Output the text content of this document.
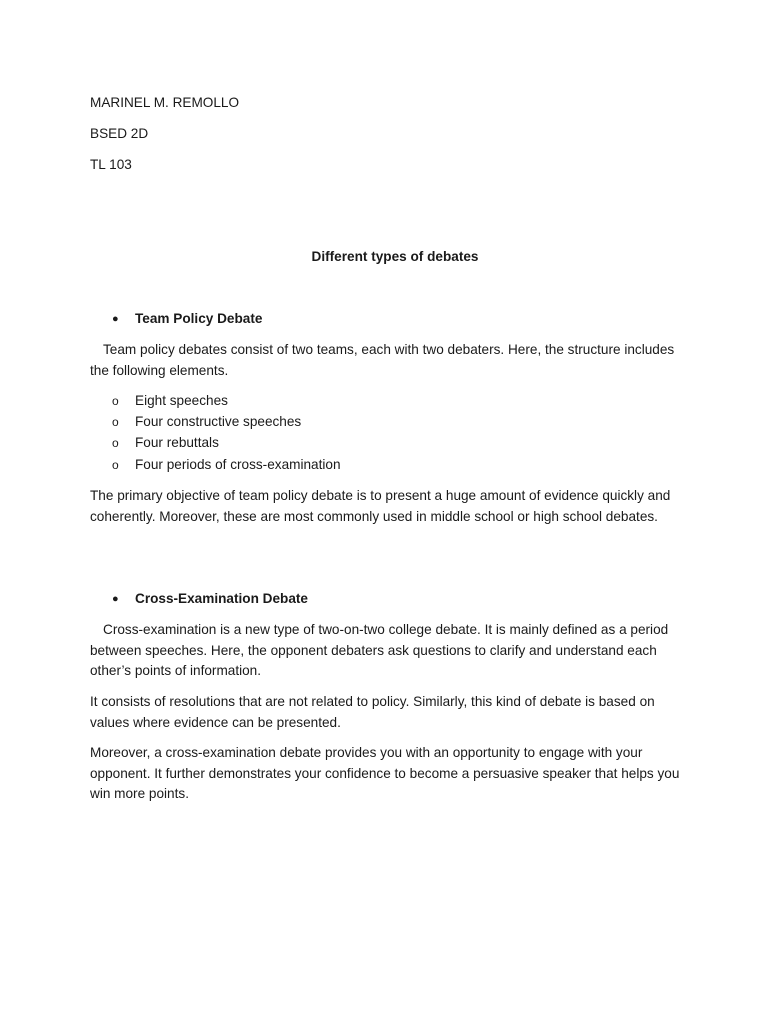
MARINEL M. REMOLLO
BSED 2D
TL 103
Different types of debates
● Team Policy Debate
Team policy debates consist of two teams, each with two debaters. Here, the structure includes the following elements.
o Eight speeches
o Four constructive speeches
o Four rebuttals
o Four periods of cross-examination
The primary objective of team policy debate is to present a huge amount of evidence quickly and coherently. Moreover, these are most commonly used in middle school or high school debates.
● Cross-Examination Debate
Cross-examination is a new type of two-on-two college debate. It is mainly defined as a period between speeches. Here, the opponent debaters ask questions to clarify and understand each other’s points of information.
It consists of resolutions that are not related to policy. Similarly, this kind of debate is based on values where evidence can be presented.
Moreover, a cross-examination debate provides you with an opportunity to engage with your opponent. It further demonstrates your confidence to become a persuasive speaker that helps you win more points.
